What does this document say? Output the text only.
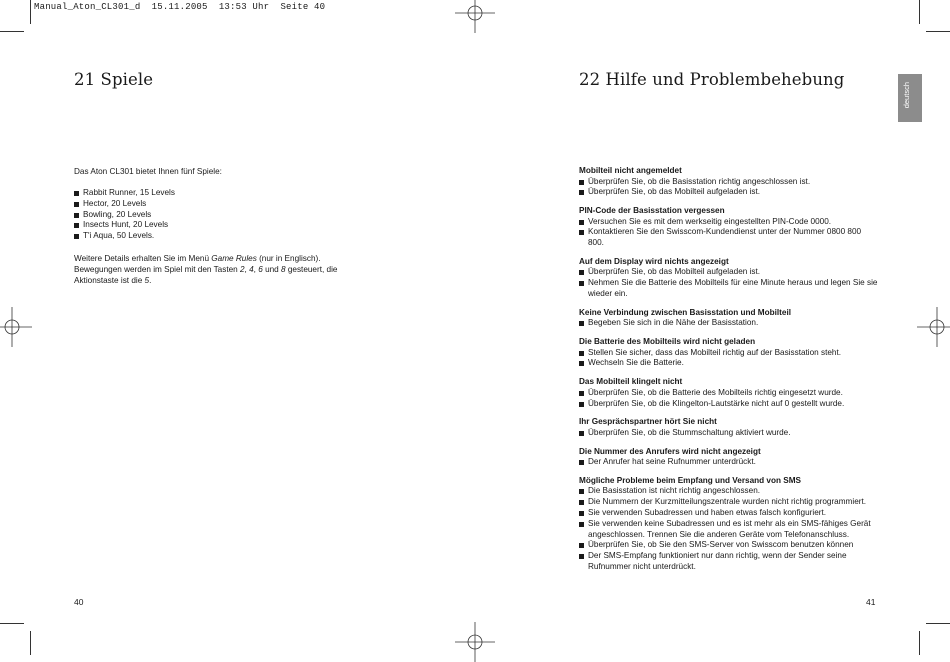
Manual_Aton_CL301_d  15.11.2005  13:53 Uhr  Seite 40
21 Spiele

Das Aton CL301 bietet Ihnen fünf Spiele:

Rabbit Runner, 15 Levels
Hector, 20 Levels
Bowling, 20 Levels
Insects Hunt, 20 Levels
T'i Aqua, 50 Levels.

Weitere Details erhalten Sie im Menü Game Rules (nur in Englisch). Bewegungen werden im Spiel mit den Tasten 2, 4, 6 und 8 gesteuert, die Aktionstaste ist die 5.

40
22 Hilfe und Problembehebung
deutsch
Mobilteil nicht angemeldet
Überprüfen Sie, ob die Basisstation richtig angeschlossen ist.
Überprüfen Sie, ob das Mobilteil aufgeladen ist.
PIN-Code der Basisstation vergessen
Versuchen Sie es mit dem werkseitig eingestellten PIN-Code 0000.
Kontaktieren Sie den Swisscom-Kundendienst unter der Nummer 0800 800 800.
Auf dem Display wird nichts angezeigt
Überprüfen Sie, ob das Mobilteil aufgeladen ist.
Nehmen Sie die Batterie des Mobilteils für eine Minute heraus und legen Sie sie wieder ein.
Keine Verbindung zwischen Basisstation und Mobilteil
Begeben Sie sich in die Nähe der Basisstation.
Die Batterie des Mobilteils wird nicht geladen
Stellen Sie sicher, dass das Mobilteil richtig auf der Basisstation steht.
Wechseln Sie die Batterie.
Das Mobilteil klingelt nicht
Überprüfen Sie, ob die Batterie des Mobilteils richtig eingesetzt wurde.
Überprüfen Sie, ob die Klingelton-Lautstärke nicht auf 0 gestellt wurde.
Ihr Gesprächspartner hört Sie nicht
Überprüfen Sie, ob die Stummschaltung aktiviert wurde.
Die Nummer des Anrufers wird nicht angezeigt
Der Anrufer hat seine Rufnummer unterdrückt.
Mögliche Probleme beim Empfang und Versand von SMS
Die Basisstation ist nicht richtig angeschlossen.
Die Nummern der Kurzmitteilungszentrale wurden nicht richtig programmiert.
Sie verwenden Subadressen und haben etwas falsch konfiguriert.
Sie verwenden keine Subadressen und es ist mehr als ein SMS-fähiges Gerät angeschlossen. Trennen Sie die anderen Geräte vom Telefonanschluss.
Überprüfen Sie, ob Sie den SMS-Server von Swisscom benutzen können
Der SMS-Empfang funktioniert nur dann richtig, wenn der Sender seine Rufnummer nicht unterdrückt.
41
